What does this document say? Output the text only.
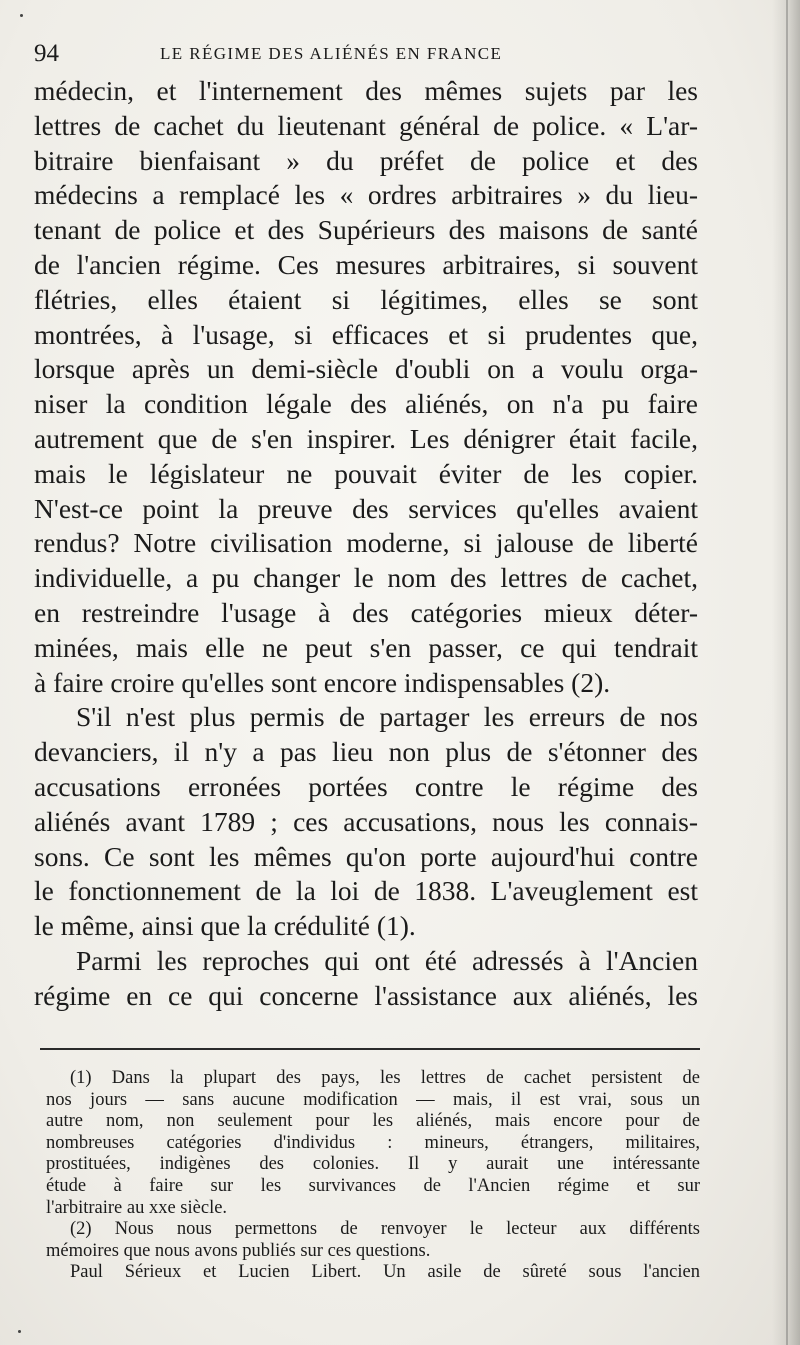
94	LE RÉGIME DES ALIÉNÉS EN FRANCE
médecin, et l'internement des mêmes sujets par les
lettres de cachet du lieutenant général de police. « L'ar-
bitraire bienfaisant » du préfet de police et des
médecins a remplacé les « ordres arbitraires » du lieu-
tenant de police et des Supérieurs des maisons de santé
de l'ancien régime. Ces mesures arbitraires, si souvent
flétries, elles étaient si légitimes, elles se sont
montrées, à l'usage, si efficaces et si prudentes que,
lorsque après un demi-siècle d'oubli on a voulu orga-
niser la condition légale des aliénés, on n'a pu faire
autrement que de s'en inspirer. Les dénigrer était facile,
mais le législateur ne pouvait éviter de les copier.
N'est-ce point la preuve des services qu'elles avaient
rendus? Notre civilisation moderne, si jalouse de liberté
individuelle, a pu changer le nom des lettres de cachet,
en restreindre l'usage à des catégories mieux déter-
minées, mais elle ne peut s'en passer, ce qui tendrait
à faire croire qu'elles sont encore indispensables (2).
S'il n'est plus permis de partager les erreurs de nos
devanciers, il n'y a pas lieu non plus de s'étonner des
accusations erronées portées contre le régime des
aliénés avant 1789 ; ces accusations, nous les connais-
sons. Ce sont les mêmes qu'on porte aujourd'hui contre
le fonctionnement de la loi de 1838. L'aveuglement est
le même, ainsi que la crédulité (1).
Parmi les reproches qui ont été adressés à l'Ancien
régime en ce qui concerne l'assistance aux aliénés, les
(1) Dans la plupart des pays, les lettres de cachet persistent de
nos jours — sans aucune modification — mais, il est vrai, sous un
autre nom, non seulement pour les aliénés, mais encore pour de
nombreuses catégories d'individus : mineurs, étrangers, militaires,
prostituées, indigènes des colonies. Il y aurait une intéressante
étude à faire sur les survivances de l'Ancien régime et sur
l'arbitraire au xxe siècle.
(2) Nous nous permettons de renvoyer le lecteur aux différents
mémoires que nous avons publiés sur ces questions.
Paul Sérieux et Lucien Libert. Un asile de sûreté sous l'ancien
